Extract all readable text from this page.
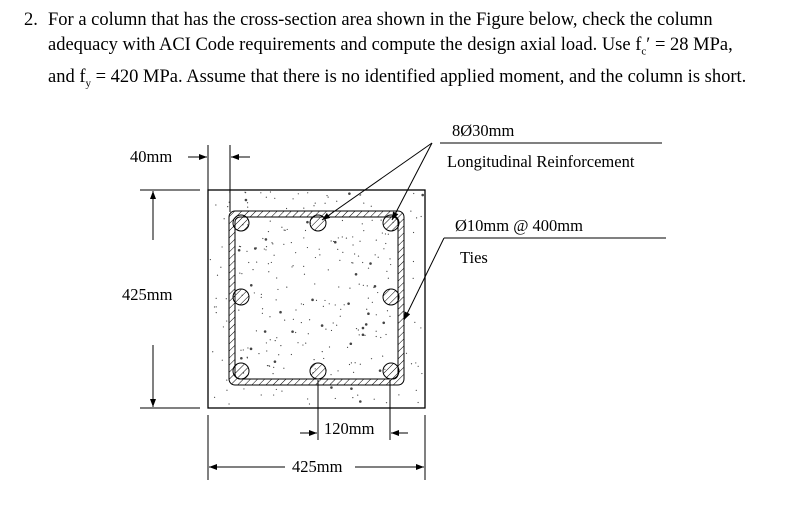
2. For a column that has the cross-section area shown in the Figure below, check the column
adequacy with ACI Code requirements and compute the design axial load. Use $f_c' = 28$ MPa,
and $f_y = 420$ MPa. Assume that there is no identified applied moment, and the column is short.
40mm
425mm
425mm
120mm
8Ø30mm
Longitudinal Reinforcement
Ø10mm @ 400mm
Ties
